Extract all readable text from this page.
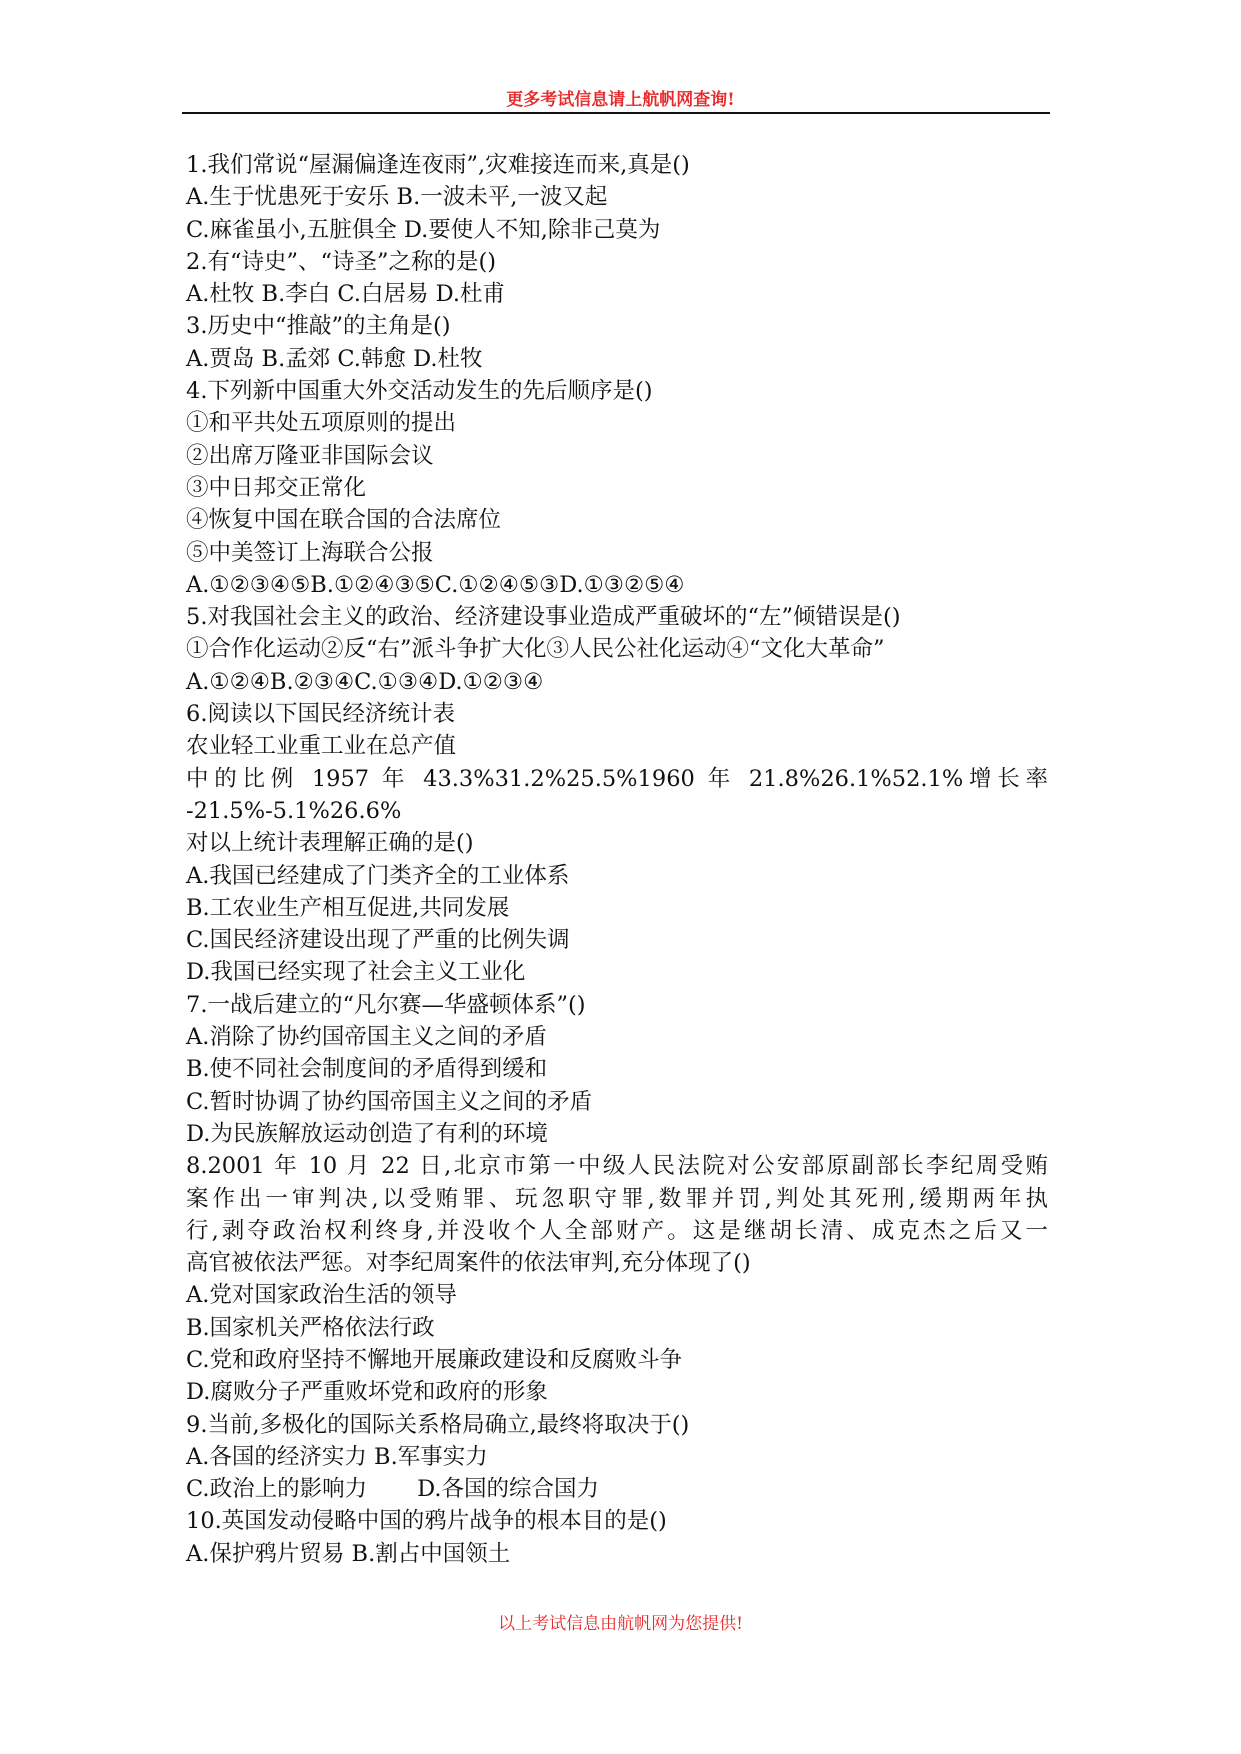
更多考试信息请上航帆网查询!
1.我们常说“屋漏偏逢连夜雨”,灾难接连而来,真是()
A.生于忧患死于安乐 B.一波未平,一波又起
C.麻雀虽小,五脏俱全 D.要使人不知,除非己莫为
2.有“诗史”、“诗圣”之称的是()
A.杜牧 B.李白 C.白居易 D.杜甫
3.历史中“推敲”的主角是()
A.贾岛 B.孟郊 C.韩愈 D.杜牧
4.下列新中国重大外交活动发生的先后顺序是()
①和平共处五项原则的提出
②出席万隆亚非国际会议
③中日邦交正常化
④恢复中国在联合国的合法席位
⑤中美签订上海联合公报
A.①②③④⑤B.①②④③⑤C.①②④⑤③D.①③②⑤④
5.对我国社会主义的政治、经济建设事业造成严重破坏的“左”倾错误是()
①合作化运动②反“右”派斗争扩大化③人民公社化运动④“文化大革命”
A.①②④B.②③④C.①③④D.①②③④
6.阅读以下国民经济统计表
农业轻工业重工业在总产值
中的比例 1957 年 43.3%31.2%25.5%1960 年 21.8%26.1%52.1%增长率
-21.5%-5.1%26.6%
对以上统计表理解正确的是()
A.我国已经建成了门类齐全的工业体系
B.工农业生产相互促进,共同发展
C.国民经济建设出现了严重的比例失调
D.我国已经实现了社会主义工业化
7.一战后建立的“凡尔赛—华盛顿体系”()
A.消除了协约国帝国主义之间的矛盾
B.使不同社会制度间的矛盾得到缓和
C.暂时协调了协约国帝国主义之间的矛盾
D.为民族解放运动创造了有利的环境
8.2001 年 10 月 22 日,北京市第一中级人民法院对公安部原副部长李纪周受贿
案作出一审判决,以受贿罪、玩忽职守罪,数罪并罚,判处其死刑,缓期两年执
行,剥夺政治权利终身,并没收个人全部财产。这是继胡长清、成克杰之后又一
高官被依法严惩。对李纪周案件的依法审判,充分体现了()
A.党对国家政治生活的领导
B.国家机关严格依法行政
C.党和政府坚持不懈地开展廉政建设和反腐败斗争
D.腐败分子严重败坏党和政府的形象
9.当前,多极化的国际关系格局确立,最终将取决于()
A.各国的经济实力 B.军事实力
C.政治上的影响力       D.各国的综合国力
10.英国发动侵略中国的鸦片战争的根本目的是()
A.保护鸦片贸易 B.割占中国领土
以上考试信息由航帆网为您提供!
